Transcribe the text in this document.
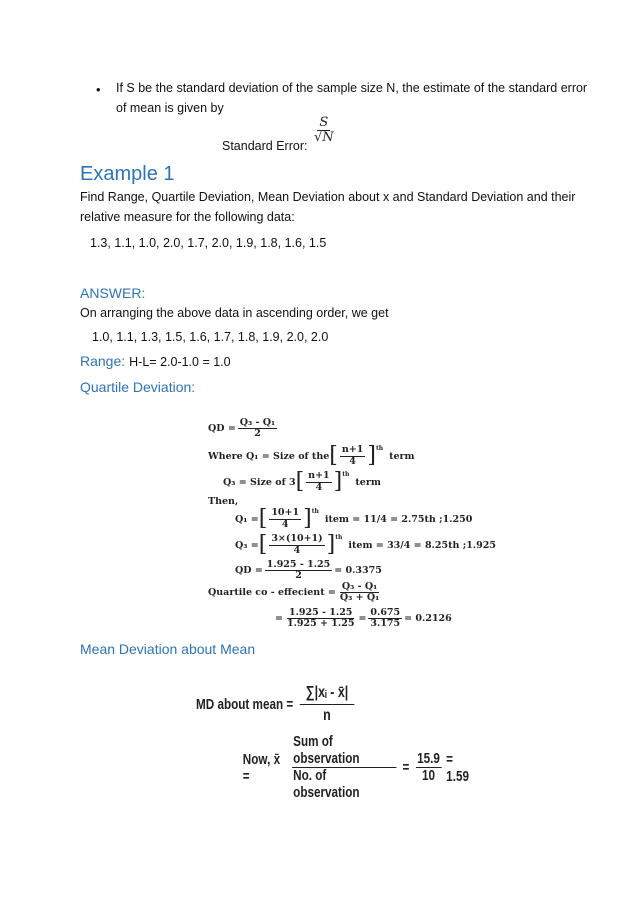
• If S be the standard deviation of the sample size N, the estimate of the standard error
of mean is given by
Standard Error:
$\frac{S}{√N}$
Example 1
Find Range, Quartile Deviation, Mean Deviation about x and Standard Deviation and their
relative measure for the following data:
1.3, 1.1, 1.0, 2.0, 1.7, 2.0, 1.9, 1.8, 1.6, 1.5
ANSWER:
On arranging the above data in ascending order, we get
1.0, 1.1, 1.3, 1.5, 1.6, 1.7, 1.8, 1.9, 2.0, 2.0
Range: H-L= 2.0-1.0 = 1.0
Quartile Deviation:
QD = $\frac{\text{Q₃ - Q₁}}{2}$
Where Q₁ = Size of the [ $\frac{n+1}{4} ]^{th}$
term
Q₃ = Size of 3 [ $\frac{n+1}{4} ]^{th}$
term
Then,
Q₁ = [ $\frac{10+1}{4} ]^{th}$
item = 11/4 = 2.75th ;1.250
Q₃ = [ $\frac{3\times(10+1)}{4} ]^{th}$
item = 33/4 = 8.25th ;1.925
QD = $\frac{1.925 - 1.25}{2} = 0.3375$
Quartile co - effecient = $\frac{\text{Q₃ - Q₁}}{\text{Q₃ + Q₁}}$
= $\frac{1.925 - 1.25}{1.925 + 1.25} = \frac{0.675}{3.175} = 0.2126$
Mean Deviation about Mean
MD about mean = $\frac{\text{∑|xᵢ - x̄|}}{n}$
Now, x̄ =	$\frac{\text{Sum of observation}}{\text{No. of observation}} = \frac{15.9}{10} = 1.59$
